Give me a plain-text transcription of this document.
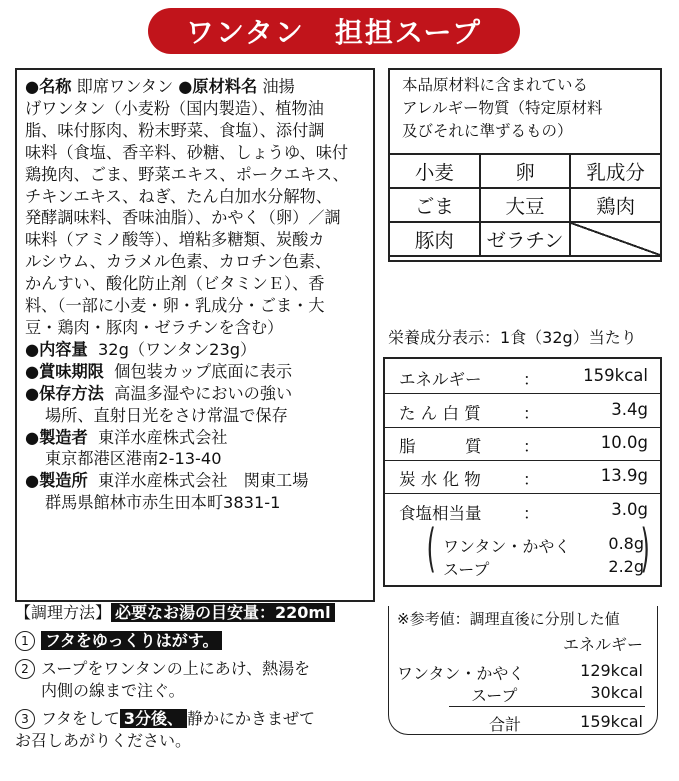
ワンタン　担担スープ

●名称 即席ワンタン ●原材料名 油揚

げワンタン（小麦粉（国内製造）、植物油

脂、味付豚肉、粉末野菜、食塩）、添付調

味料（食塩、香辛料、砂糖、しょうゆ、味付

鶏挽肉、ごま、野菜エキス、ポークエキス、

チキンエキス、ねぎ、たん白加水分解物、

発酵調味料、香味油脂）、かやく（卵）／調

味料（アミノ酸等）、増粘多糖類、炭酸カ

ルシウム、カラメル色素、カロチン色素、

かんすい、酸化防止剤（ビタミンＥ）、香

料、（一部に小麦・卵・乳成分・ごま・大

豆・鶏肉・豚肉・ゼラチンを含む）

●内容量 32g（ワンタン23g）

●賞味期限 個包装カップ底面に表示

●保存方法 高温多湿やにおいの強い

場所、直射日光をさけ常温で保存

●製造者 東洋水産株式会社

東京都港区港南2-13-40

●製造所 東洋水産株式会社　関東工場

群馬県館林市赤生田本町3831-1

本品原材料に含まれている
アレルギー物質（特定原材料
及びそれに準ずるもの）
小麦	卵	乳成分
ごま	大豆	鶏肉
豚肉	ゼラチン	
栄養成分表示：1食（32g）当たり
エネルギー	：	159kcal
た ん 白 質	：	3.4g
脂　　　質	：	10.0g
炭 水 化 物	：	13.9g
食塩相当量	：	3.0g
(	)
ワンタン・かやく 0.8g
スープ	2.2g
【調理方法】 必要なお湯の目安量：220ml
1 フタをゆっくりはがす。
2 スープをワンタンの上にあけ、熱湯を
内側の線まで注ぐ。
3 フタをして 3分後、 静かにかきまぜて
お召しあがりください。
※参考値：調理直後に分別した値
エネルギー
ワンタン・かやく	129kcal
スープ	30kcal
合計	159kcal
